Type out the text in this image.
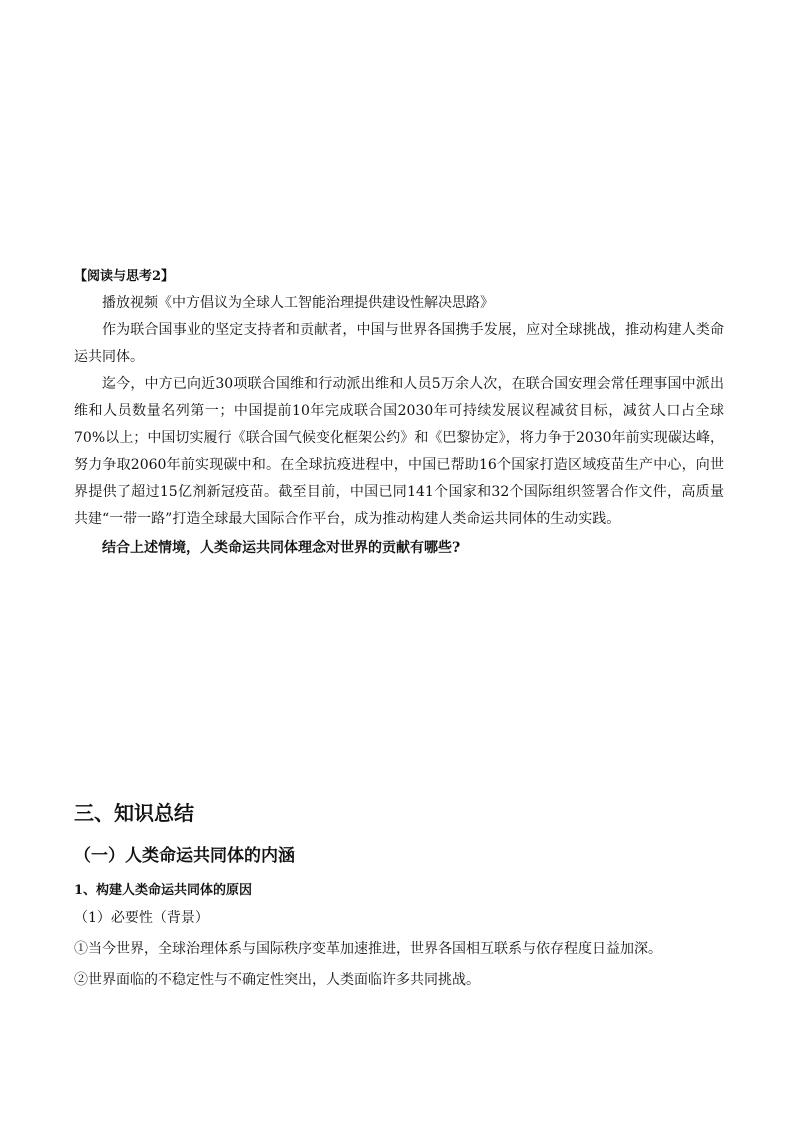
【阅读与思考2】

播放视频《中方倡议为全球人工智能治理提供建设性解决思路》

作为联合国事业的坚定支持者和贡献者，中国与世界各国携手发展，应对全球挑战，推动构建人类命运共同体。

迄今，中方已向近30项联合国维和行动派出维和人员5万余人次，在联合国安理会常任理事国中派出维和人员数量名列第一；中国提前10年完成联合国2030年可持续发展议程减贫目标，减贫人口占全球70%以上；中国切实履行《联合国气候变化框架公约》和《巴黎协定》，将力争于2030年前实现碳达峰，努力争取2060年前实现碳中和。在全球抗疫进程中，中国已帮助16个国家打造区域疫苗生产中心，向世界提供了超过15亿剂新冠疫苗。截至目前，中国已同141个国家和32个国际组织签署合作文件，高质量共建“一带一路”打造全球最大国际合作平台，成为推动构建人类命运共同体的生动实践。

结合上述情境，人类命运共同体理念对世界的贡献有哪些?

三、知识总结

（一）人类命运共同体的内涵

1、构建人类命运共同体的原因

（1）必要性（背景）

①当今世界，全球治理体系与国际秩序变革加速推进，世界各国相互联系与依存程度日益加深。

②世界面临的不稳定性与不确定性突出，人类面临许多共同挑战。
